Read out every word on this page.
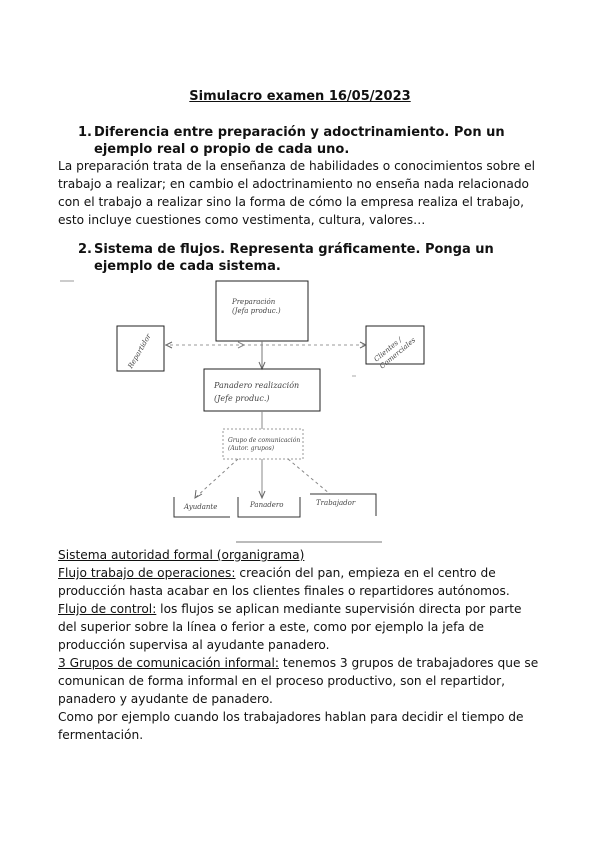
Simulacro examen 16/05/2023
1. Diferencia entre preparación y adoctrinamiento. Pon un ejemplo real o propio de cada uno.
La preparación trata de la enseñanza de habilidades o conocimientos sobre el
trabajo a realizar; en cambio el adoctrinamiento no enseña nada relacionado
con el trabajo a realizar sino la forma de cómo la empresa realiza el trabajo,
esto incluye cuestiones como vestimenta, cultura, valores…
2. Sistema de flujos. Representa gráficamente. Ponga un ejemplo de cada sistema.
Preparación
(Jefa produc.)
Repartidor	Clientes / Comerciales
Panadero realización
(Jefe produc.)
Grupo de comunicación
(Autor. grupos)
Ayudante	Panadero	Trabajador
Sistema autoridad formal (organigrama)
Flujo trabajo de operaciones: creación del pan, empieza en el centro de
producción hasta acabar en los clientes finales o repartidores autónomos.
Flujo de control: los flujos se aplican mediante supervisión directa por parte
del superior sobre la línea o ferior a este, como por ejemplo la jefa de
producción supervisa al ayudante panadero.
3 Grupos de comunicación informal: tenemos 3 grupos de trabajadores que se
comunican de forma informal en el proceso productivo, son el repartidor,
panadero y ayudante de panadero.
Como por ejemplo cuando los trabajadores hablan para decidir el tiempo de
fermentación.
